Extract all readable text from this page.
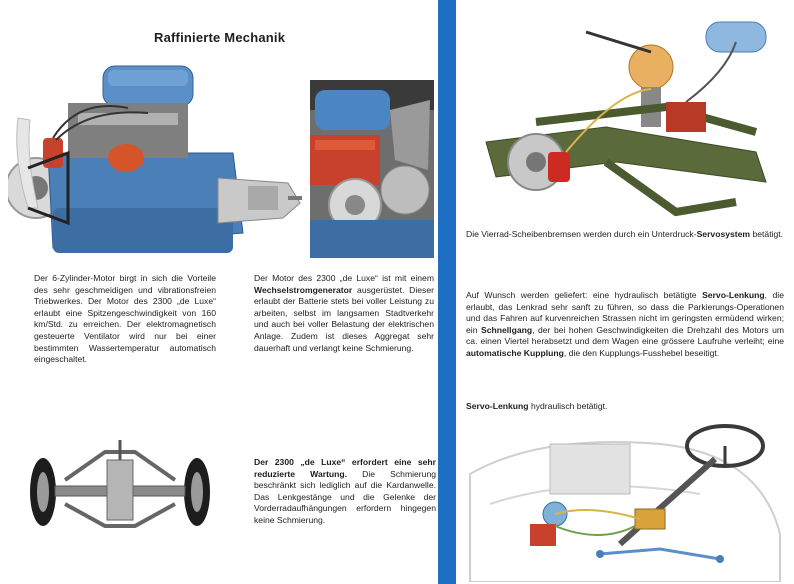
Raffinierte Mechanik
Der 6-Zylinder-Motor birgt in sich die Vorteile des sehr geschmeidigen und vibrationsfreien Triebwerkes. Der Motor des 2300 „de Luxe“ erlaubt eine Spitzengeschwindigkeit von 160 km/Std. zu erreichen. Der elektromagnetisch gesteuerte Ventilator wird nur bei einer bestimmten Wassertemperatur automatisch eingeschaltet.
Der Motor des 2300 „de Luxe“ ist mit einem Wechselstromgenerator ausgerüstet. Dieser erlaubt der Batterie stets bei voller Leistung zu arbeiten, selbst im langsamen Stadtverkehr und auch bei voller Belastung der elektrischen Anlage. Zudem ist dieses Aggregat sehr dauerhaft und verlangt keine Schmierung.
Der 2300 „de Luxe“ erfordert eine sehr reduzierte Wartung. Die Schmierung beschränkt sich lediglich auf die Kardanwelle. Das Lenkgestänge und die Gelenke der Vorderradaufhängungen erfordern hingegen keine Schmierung.
Die Vierrad-Scheibenbremsen werden durch ein Unterdruck-Servosystem betätigt.
Auf Wunsch werden geliefert: eine hydraulisch betätigte Servo-Lenkung, die erlaubt, das Lenkrad sehr sanft zu führen, so dass die Parkierungs-Operationen und das Fahren auf kurvenreichen Strassen nicht im geringsten ermüdend wirken; ein Schnellgang, der bei hohen Geschwindigkeiten die Drehzahl des Motors um ca. einen Viertel herabsetzt und dem Wagen eine grössere Laufruhe verleiht; eine automatische Kupplung, die den Kupplungs-Fusshebel beseitigt.
Servo-Lenkung hydraulisch betätigt.
